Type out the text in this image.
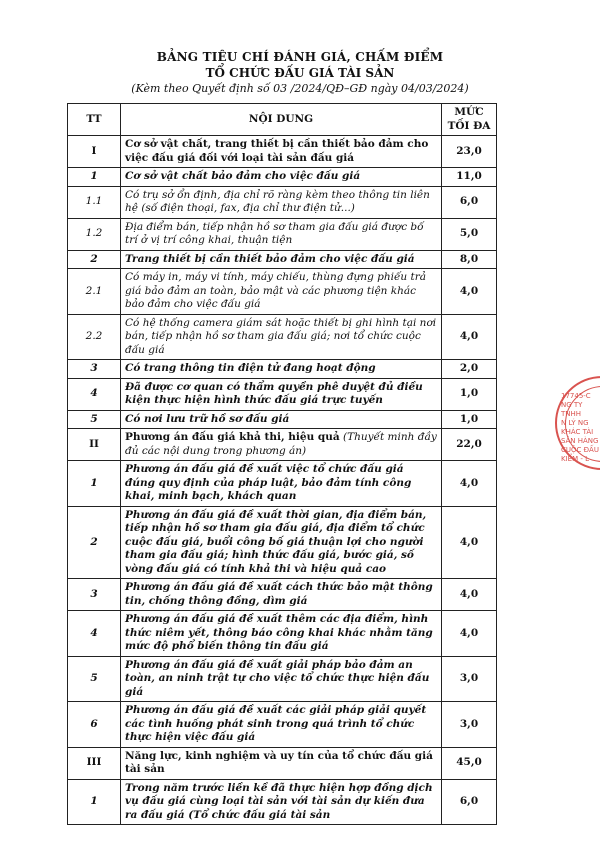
BẢNG TIÊU CHÍ ĐÁNH GIÁ, CHẤM ĐIỂM
TỔ CHỨC ĐẤU GIÁ TÀI SẢN
(Kèm theo Quyết định số 03 /2024/QĐ–GĐ ngày 04/03/2024)
TT	NỘI DUNG	MỨC TỐI ĐA
I	Cơ sở vật chất, trang thiết bị cần thiết bảo đảm cho việc đấu giá đối với loại tài sản đấu giá	23,0
1	Cơ sở vật chất bảo đảm cho việc đấu giá	11,0
1.1	Có trụ sở ổn định, địa chỉ rõ ràng kèm theo thông tin liên hệ (số điện thoại, fax, địa chỉ thư điện tử...)	6,0
1.2	Địa điểm bán, tiếp nhận hồ sơ tham gia đấu giá được bố trí ở vị trí công khai, thuận tiện	5,0
2	Trang thiết bị cần thiết bảo đảm cho việc đấu giá	8,0
2.1	Có máy in, máy vi tính, máy chiếu, thùng đựng phiếu trả giá bảo đảm an toàn, bảo mật và các phương tiện khác bảo đảm cho việc đấu giá	4,0
2.2	Có hệ thống camera giám sát hoặc thiết bị ghi hình tại nơi bán, tiếp nhận hồ sơ tham gia đấu giá; nơi tổ chức cuộc đấu giá	4,0
3	Có trang thông tin điện tử đang hoạt động	2,0
4	Đã được cơ quan có thẩm quyền phê duyệt đủ điều kiện thực hiện hình thức đấu giá trực tuyến	1,0
5	Có nơi lưu trữ hồ sơ đấu giá	1,0
II	Phương án đấu giá khả thi, hiệu quả (Thuyết minh đầy đủ các nội dung trong phương án)	22,0
1	Phương án đấu giá đề xuất việc tổ chức đấu giá đúng quy định của pháp luật, bảo đảm tính công khai, minh bạch, khách quan	4,0
2	Phương án đấu giá đề xuất thời gian, địa điểm bán, tiếp nhận hồ sơ tham gia đấu giá, địa điểm tổ chức cuộc đấu giá, buổi công bố giá thuận lợi cho người tham gia đấu giá; hình thức đấu giá, bước giá, số vòng đấu giá có tính khả thi và hiệu quả cao	4,0
3	Phương án đấu giá đề xuất cách thức bảo mật thông tin, chống thông đồng, dìm giá	4,0
4	Phương án đấu giá đề xuất thêm các địa điểm, hình thức niêm yết, thông báo công khai khác nhằm tăng mức độ phổ biến thông tin đấu giá	4,0
5	Phương án đấu giá đề xuất giải pháp bảo đảm an toàn, an ninh trật tự cho việc tổ chức thực hiện đấu giá	3,0
6	Phương án đấu giá đề xuất các giải pháp giải quyết các tình huống phát sinh trong quá trình tổ chức thực hiện việc đấu giá	3,0
III	Năng lực, kinh nghiệm và uy tín của tổ chức đấu giá tài sản	45,0
1	Trong năm trước liền kề đã thực hiện hợp đồng dịch vụ đấu giá cùng loại tài sản với tài sản dự kiến đưa ra đấu giá (Tổ chức đấu giá tài sản	6,0
17745-C
NG TY
TNHH
N LÝ NG
KHÁC TÀI
SẢN HÀNG
CUỘC ĐẤU
KIỂM - L
